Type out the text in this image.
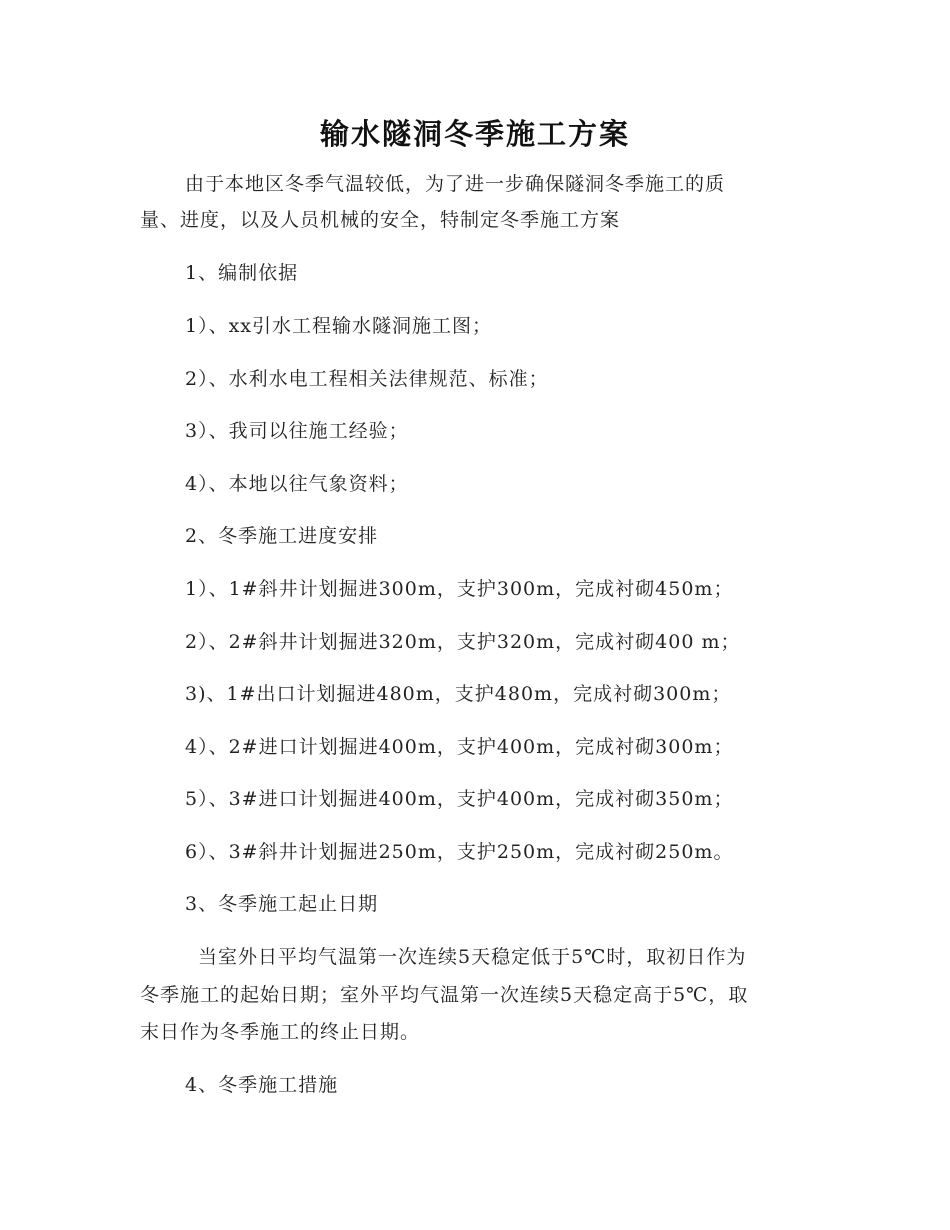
输水隧洞冬季施工方案
由于本地区冬季气温较低，为了进一步确保隧洞冬季施工的质
量、进度，以及人员机械的安全，特制定冬季施工方案
1、编制依据
1）、xx引水工程输水隧洞施工图；
2）、水利水电工程相关法律规范、标准；
3）、我司以往施工经验；
4）、本地以往气象资料；
2、冬季施工进度安排
1）、1#斜井计划掘进300m，支护300m，完成衬砌450m；
2）、2#斜井计划掘进320m，支护320m，完成衬砌400 m；
3)、1#出口计划掘进480m，支护480m，完成衬砌300m；
4）、2#进口计划掘进400m，支护400m，完成衬砌300m；
5）、3#进口计划掘进400m，支护400m，完成衬砌350m；
6）、3#斜井计划掘进250m，支护250m，完成衬砌250m。
3、冬季施工起止日期
当室外日平均气温第一次连续5天稳定低于5℃时，取初日作为
冬季施工的起始日期；室外平均气温第一次连续5天稳定高于5℃，取
末日作为冬季施工的终止日期。
4、冬季施工措施
